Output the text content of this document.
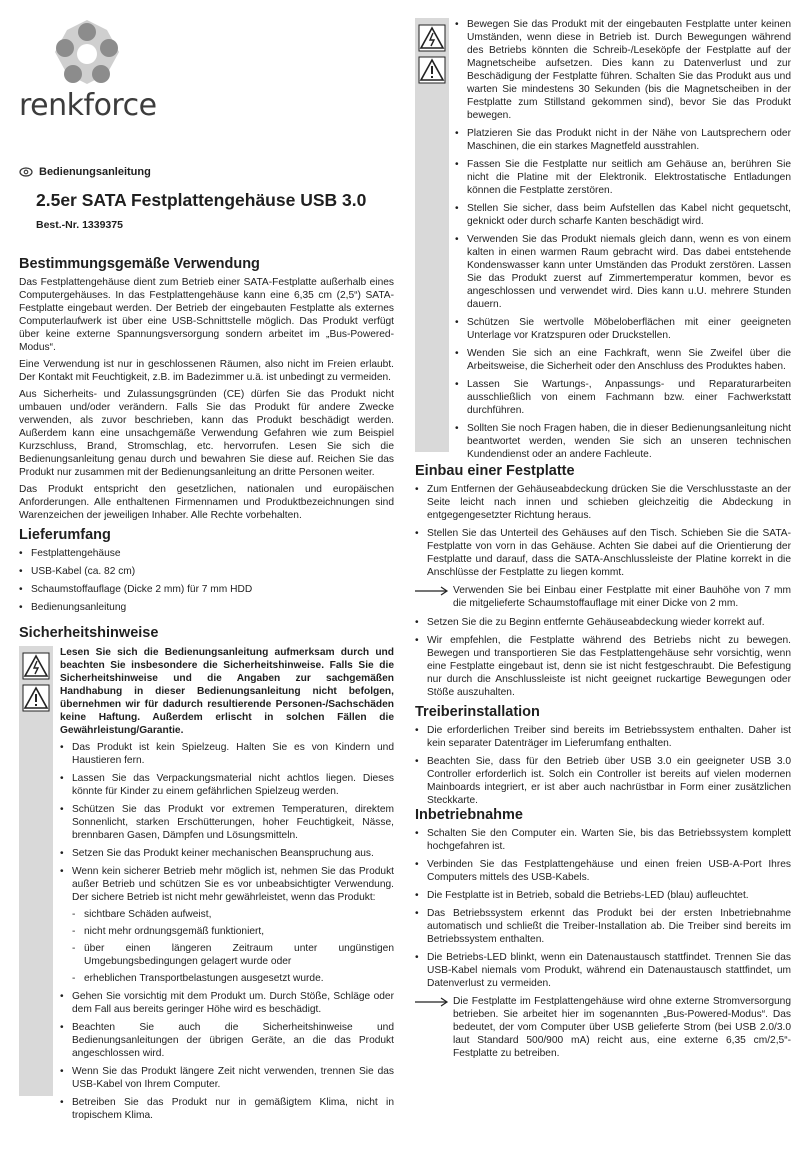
renkforce
Bedienungsanleitung
2.5er SATA Festplattengehäuse USB 3.0
Best.-Nr. 1339375
Bestimmungsgemäße Verwendung

Das Festplattengehäuse dient zum Betrieb einer SATA-Festplatte außerhalb eines Computergehäuses. In das Festplattengehäuse kann eine 6,35 cm (2,5“) SATA-Festplatte eingebaut werden. Der Betrieb der eingebauten Festplatte als externes Computerlaufwerk ist über eine USB-Schnittstelle möglich. Das Produkt verfügt über keine externe Spannungsversorgung sondern arbeitet im „Bus-Powered-Modus“.

Eine Verwendung ist nur in geschlossenen Räumen, also nicht im Freien erlaubt. Der Kontakt mit Feuchtigkeit, z.B. im Badezimmer u.ä. ist unbedingt zu vermeiden.

Aus Sicherheits- und Zulassungsgründen (CE) dürfen Sie das Produkt nicht umbauen und/oder verändern. Falls Sie das Produkt für andere Zwecke verwenden, als zuvor beschrieben, kann das Produkt beschädigt werden. Außerdem kann eine unsachgemäße Verwendung Gefahren wie zum Beispiel Kurzschluss, Brand, Stromschlag, etc. hervorrufen. Lesen Sie sich die Bedienungsanleitung genau durch und bewahren Sie diese auf. Reichen Sie das Produkt nur zusammen mit der Bedienungsanleitung an dritte Personen weiter.

Das Produkt entspricht den gesetzlichen, nationalen und europäischen Anforderungen. Alle enthaltenen Firmennamen und Produktbezeichnungen sind Warenzeichen der jeweiligen Inhaber. Alle Rechte vorbehalten.

Lieferumfang
• Festplattengehäuse
• USB-Kabel (ca. 82 cm)
• Schaumstoffauflage (Dicke 2 mm) für 7 mm HDD
• Bedienungsanleitung
Sicherheitshinweise

Lesen Sie sich die Bedienungsanleitung aufmerksam durch und beachten Sie insbesondere die Sicherheitshinweise. Falls Sie die Sicherheitshinweise und die Angaben zur sachgemäßen Handhabung in dieser Bedienungsanleitung nicht befolgen, übernehmen wir für dadurch resultierende Personen-/Sachschäden keine Haftung. Außerdem erlischt in solchen Fällen die Gewährleistung/Garantie.

• Das Produkt ist kein Spielzeug. Halten Sie es von Kindern und Haustieren fern.
• Lassen Sie das Verpackungsmaterial nicht achtlos liegen. Dieses könnte für Kinder zu einem gefährlichen Spielzeug werden.
• Schützen Sie das Produkt vor extremen Temperaturen, direktem Sonnenlicht, starken Erschütterungen, hoher Feuchtigkeit, Nässe, brennbaren Gasen, Dämpfen und Lösungsmitteln.
• Setzen Sie das Produkt keiner mechanischen Beanspruchung aus.
• Wenn kein sicherer Betrieb mehr möglich ist, nehmen Sie das Produkt außer Betrieb und schützen Sie es vor unbeabsichtigter Verwendung. Der sichere Betrieb ist nicht mehr gewährleistet, wenn das Produkt:
- sichtbare Schäden aufweist,
- nicht mehr ordnungsgemäß funktioniert,
- über einen längeren Zeitraum unter ungünstigen Umgebungsbedingungen gelagert wurde oder
- erheblichen Transportbelastungen ausgesetzt wurde.
• Gehen Sie vorsichtig mit dem Produkt um. Durch Stöße, Schläge oder dem Fall aus bereits geringer Höhe wird es beschädigt.
• Beachten Sie auch die Sicherheitshinweise und Bedienungsanleitungen der übrigen Geräte, an die das Produkt angeschlossen wird.
• Wenn Sie das Produkt längere Zeit nicht verwenden, trennen Sie das USB-Kabel von Ihrem Computer.
• Betreiben Sie das Produkt nur in gemäßigtem Klima, nicht in tropischem Klima.
• Bewegen Sie das Produkt mit der eingebauten Festplatte unter keinen Umständen, wenn diese in Betrieb ist. Durch Bewegungen während des Betriebs könnten die Schreib-/Leseköpfe der Festplatte auf der Magnetscheibe aufsetzen. Dies kann zu Datenverlust und zur Beschädigung der Festplatte führen. Schalten Sie das Produkt aus und warten Sie mindestens 30 Sekunden (bis die Magnetscheiben in der Festplatte zum Stillstand gekommen sind), bevor Sie das Produkt bewegen.
• Platzieren Sie das Produkt nicht in der Nähe von Lautsprechern oder Maschinen, die ein starkes Magnetfeld ausstrahlen.
• Fassen Sie die Festplatte nur seitlich am Gehäuse an, berühren Sie nicht die Platine mit der Elektronik. Elektrostatische Entladungen können die Festplatte zerstören.
• Stellen Sie sicher, dass beim Aufstellen das Kabel nicht gequetscht, geknickt oder durch scharfe Kanten beschädigt wird.
• Verwenden Sie das Produkt niemals gleich dann, wenn es von einem kalten in einen warmen Raum gebracht wird. Das dabei entstehende Kondenswasser kann unter Umständen das Produkt zerstören. Lassen Sie das Produkt zuerst auf Zimmertemperatur kommen, bevor es angeschlossen und verwendet wird. Dies kann u.U. mehrere Stunden dauern.
• Schützen Sie wertvolle Möbeloberflächen mit einer geeigneten Unterlage vor Kratzspuren oder Druckstellen.
• Wenden Sie sich an eine Fachkraft, wenn Sie Zweifel über die Arbeitsweise, die Sicherheit oder den Anschluss des Produktes haben.
• Lassen Sie Wartungs-, Anpassungs- und Reparaturarbeiten ausschließlich von einem Fachmann bzw. einer Fachwerkstatt durchführen.
• Sollten Sie noch Fragen haben, die in dieser Bedienungsanleitung nicht beantwortet werden, wenden Sie sich an unseren technischen Kundendienst oder an andere Fachleute.
Einbau einer Festplatte
• Zum Entfernen der Gehäuseabdeckung drücken Sie die Verschlusstaste an der Seite leicht nach innen und schieben gleichzeitig die Abdeckung in entgegengesetzter Richtung heraus.
• Stellen Sie das Unterteil des Gehäuses auf den Tisch. Schieben Sie die SATA-Festplatte von vorn in das Gehäuse. Achten Sie dabei auf die Orientierung der Festplatte und darauf, dass die SATA-Anschlussleiste der Platine korrekt in die Anschlüsse der Festplatte zu liegen kommt.
Verwenden Sie bei Einbau einer Festplatte mit einer Bauhöhe von 7 mm die mitgelieferte Schaumstoffauflage mit einer Dicke von 2 mm.
• Setzen Sie die zu Beginn entfernte Gehäuseabdeckung wieder korrekt auf.
• Wir empfehlen, die Festplatte während des Betriebs nicht zu bewegen. Bewegen und transportieren Sie das Festplattengehäuse sehr vorsichtig, wenn eine Festplatte eingebaut ist, denn sie ist nicht festgeschraubt. Die Befestigung nur durch die Anschlussleiste ist nicht geeignet ruckartige Bewegungen oder Stöße auszuhalten.
Treiberinstallation
• Die erforderlichen Treiber sind bereits im Betriebssystem enthalten. Daher ist kein separater Datenträger im Lieferumfang enthalten.
• Beachten Sie, dass für den Betrieb über USB 3.0 ein geeigneter USB 3.0 Controller erforderlich ist. Solch ein Controller ist bereits auf vielen modernen Mainboards integriert, er ist aber auch nachrüstbar in Form einer zusätzlichen Steckkarte.
Inbetriebnahme
• Schalten Sie den Computer ein. Warten Sie, bis das Betriebssystem komplett hochgefahren ist.
• Verbinden Sie das Festplattengehäuse und einen freien USB-A-Port Ihres Computers mittels des USB-Kabels.
• Die Festplatte ist in Betrieb, sobald die Betriebs-LED (blau) aufleuchtet.
• Das Betriebssystem erkennt das Produkt bei der ersten Inbetriebnahme automatisch und schließt die Treiber-Installation ab. Die Treiber sind bereits im Betriebssystem enthalten.
• Die Betriebs-LED blinkt, wenn ein Datenaustausch stattfindet. Trennen Sie das USB-Kabel niemals vom Produkt, während ein Datenaustausch stattfindet, um Datenverlust zu vermeiden.
Die Festplatte im Festplattengehäuse wird ohne externe Stromversorgung betrieben. Sie arbeitet hier im sogenannten „Bus-Powered-Modus“. Das bedeutet, der vom Computer über USB gelieferte Strom (bei USB 2.0/3.0 laut Standard 500/900 mA) reicht aus, eine externe 6,35 cm/2,5“-Festplatte zu betreiben.
